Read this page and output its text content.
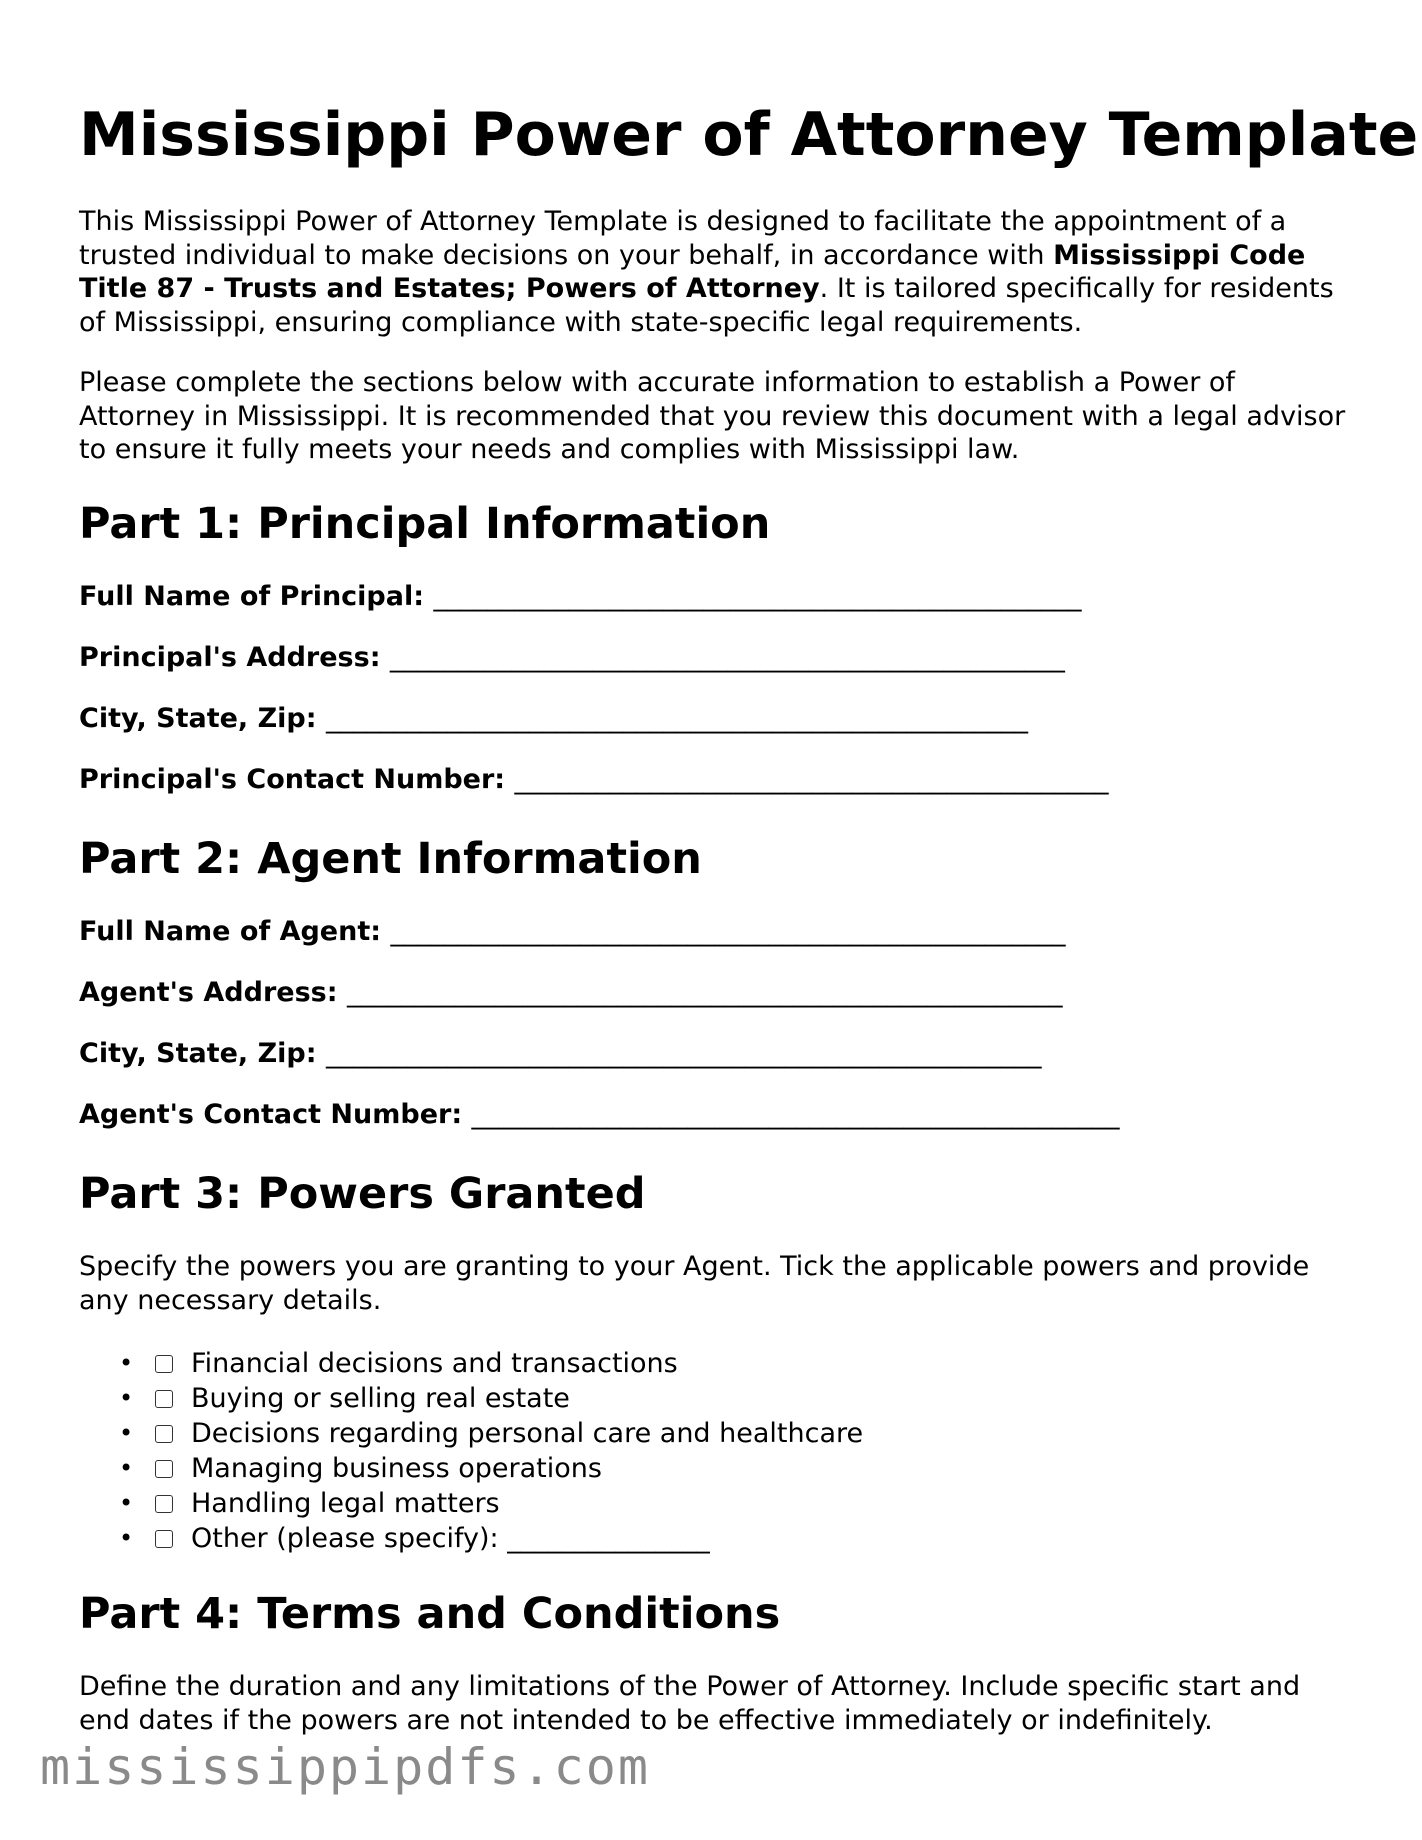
Mississippi Power of Attorney Template

This Mississippi Power of Attorney Template is designed to facilitate the appointment of a trusted individual to make decisions on your behalf, in accordance with Mississippi Code Title 87 - Trusts and Estates; Powers of Attorney. It is tailored specifically for residents of Mississippi, ensuring compliance with state-specific legal requirements.

Please complete the sections below with accurate information to establish a Power of Attorney in Mississippi. It is recommended that you review this document with a legal advisor to ensure it fully meets your needs and complies with Mississippi law.

Part 1: Principal Information
Full Name of Principal: ________________________________________________
Principal's Address: __________________________________________________
City, State, Zip: ____________________________________________________
Principal's Contact Number: ____________________________________________
Part 2: Agent Information
Full Name of Agent: __________________________________________________
Agent's Address: _____________________________________________________
City, State, Zip: _____________________________________________________
Agent's Contact Number: ________________________________________________
Part 3: Powers Granted

Specify the powers you are granting to your Agent. Tick the applicable powers and provide any necessary details.

• Financial decisions and transactions
• Buying or selling real estate
• Decisions regarding personal care and healthcare
• Managing business operations
• Handling legal matters
• Other (please specify): _______________
Part 4: Terms and Conditions

Define the duration and any limitations of the Power of Attorney. Include specific start and end dates if the powers are not intended to be effective immediately or indefinitely.

mississippipdfs.com
